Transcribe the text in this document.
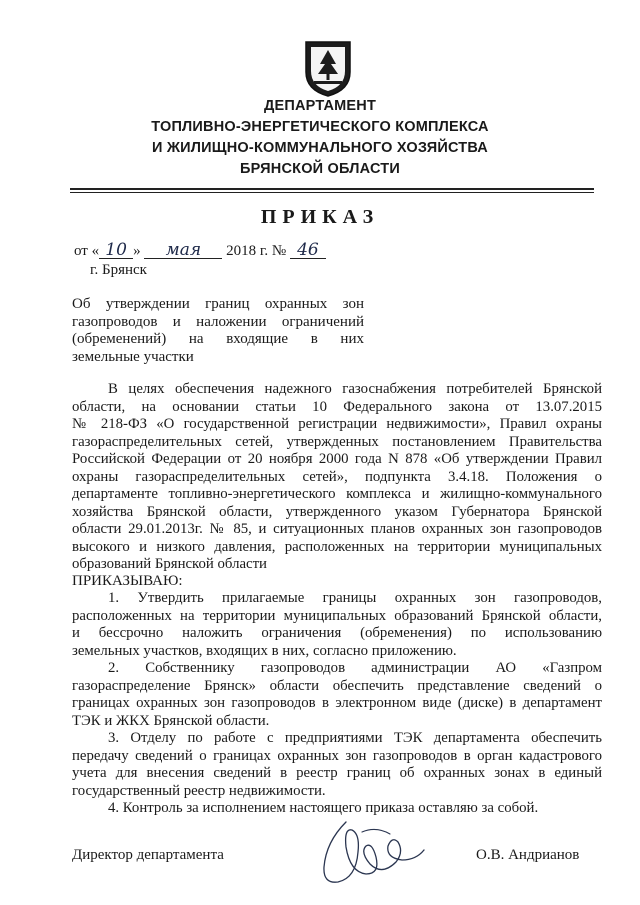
ДЕПАРТАМЕНТ
ТОПЛИВНО-ЭНЕРГЕТИЧЕСКОГО КОМПЛЕКСА
И ЖИЛИЩНО-КОММУНАЛЬНОГО ХОЗЯЙСТВА
БРЯНСКОЙ ОБЛАСТИ
ПРИКАЗ
от « 10 » мая 2018 г. № 46
г. Брянск
Об утверждении границ охранных зон
газопроводов и наложении ограничений
(обременений) на входящие в них
земельные участки
В целях обеспечения надежного газоснабжения потребителей Брянской
области, на основании статьи 10 Федерального закона от 13.07.2015
№ 218-ФЗ «О государственной регистрации недвижимости», Правил охраны
газораспределительных сетей, утвержденных постановлением Правительства
Российской Федерации от 20 ноября 2000 года N 878 «Об утверждении Правил
охраны газораспределительных сетей», подпункта 3.4.18. Положения о
департаменте топливно-энергетического комплекса и жилищно-коммунального
хозяйства Брянской области, утвержденного указом Губернатора Брянской
области 29.01.2013г. № 85, и ситуационных планов охранных зон газопроводов
высокого и низкого давления, расположенных на территории муниципальных
образований Брянской области
ПРИКАЗЫВАЮ:
1. Утвердить прилагаемые границы охранных зон газопроводов,
расположенных на территории муниципальных образований Брянской области,
и бессрочно наложить ограничения (обременения) по использованию
земельных участков, входящих в них, согласно приложению.
2. Собственнику газопроводов администрации АО «Газпром
газораспределение Брянск» области обеспечить представление сведений о
границах охранных зон газопроводов в электронном виде (диске) в департамент
ТЭК и ЖКХ Брянской области.
3. Отделу по работе с предприятиями ТЭК департамента обеспечить
передачу сведений о границах охранных зон газопроводов в орган кадастрового
учета для внесения сведений в реестр границ об охранных зонах в единый
государственный реестр недвижимости.
4. Контроль за исполнением настоящего приказа оставляю за собой.
Директор департамента	О.В. Андрианов
